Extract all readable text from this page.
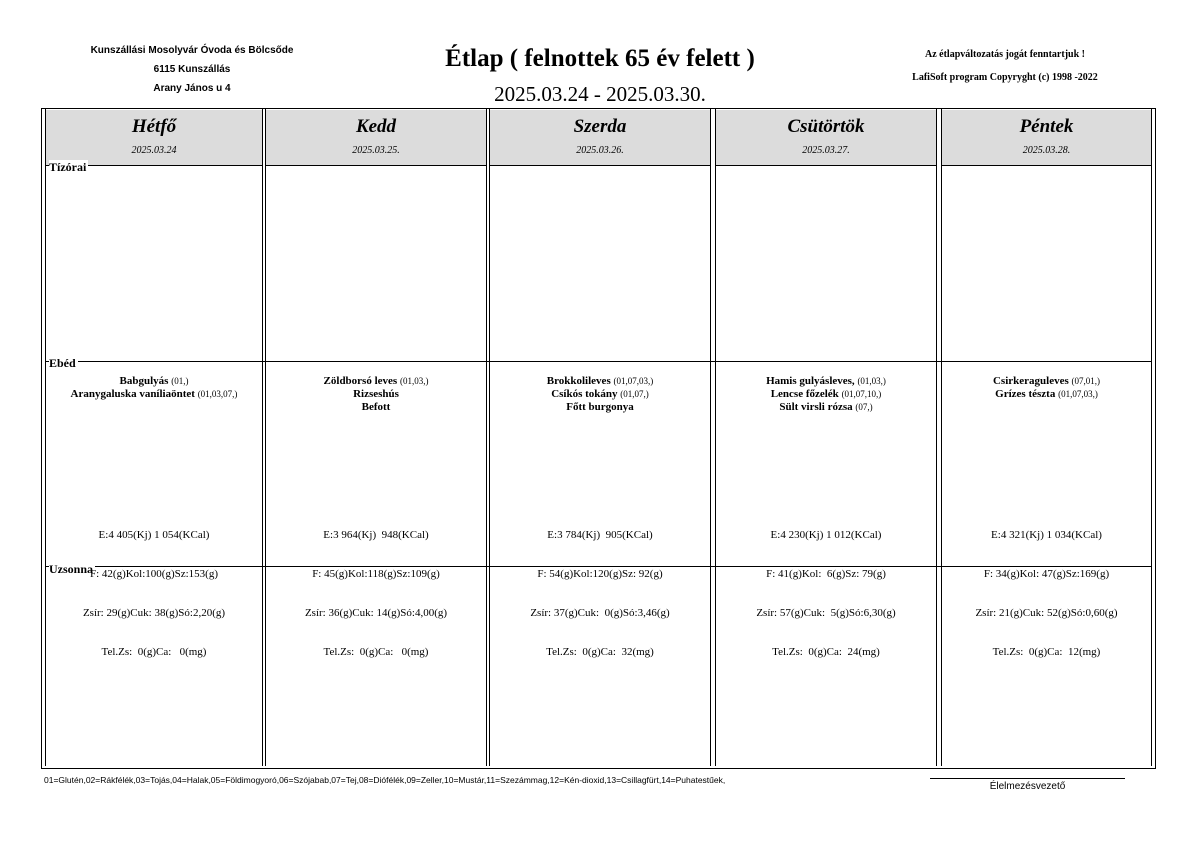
Kunszállási Mosolyvár Óvoda és Bölcsőde
6115 Kunszállás
Arany János u 4
Étlap ( felnottek 65 év felett )
2025.03.24 - 2025.03.30.
Az étlapváltozatás jogát fenntartjuk !
LafiSoft program Copyryght (c) 1998 -2022
Hétfő
2025.03.24
Kedd
2025.03.25.
Szerda
2025.03.26.
Csütörtök
2025.03.27.
Péntek
2025.03.28.
Tízórai
Ebéd
Uzsonna
Babgulyás (01,)
Aranygaluska vaníliaöntet (01,03,07,)
Zöldborsó leves (01,03,)
Rizseshús
Befott
Brokkolileves (01,07,03,)
Csíkós tokány (01,07,)
Főtt burgonya
Hamis gulyásleves, (01,03,)
Lencse főzelék (01,07,10,)
Sült virsli rózsa (07,)
Csirkeraguleves (07,01,)
Grízes tészta (01,07,03,)

E:4 405(Kj) 1 054(KCal)

F: 42(g)Kol:100(g)Sz:153(g)

Zsír: 29(g)Cuk: 38(g)Só:2,20(g)

Tel.Zs:  0(g)Ca:   0(mg)

E:3 964(Kj)  948(KCal)

F: 45(g)Kol:118(g)Sz:109(g)

Zsír: 36(g)Cuk: 14(g)Só:4,00(g)

Tel.Zs:  0(g)Ca:   0(mg)

E:3 784(Kj)  905(KCal)

F: 54(g)Kol:120(g)Sz: 92(g)

Zsír: 37(g)Cuk:  0(g)Só:3,46(g)

Tel.Zs:  0(g)Ca:  32(mg)

E:4 230(Kj) 1 012(KCal)

F: 41(g)Kol:  6(g)Sz: 79(g)

Zsír: 57(g)Cuk:  5(g)Só:6,30(g)

Tel.Zs:  0(g)Ca:  24(mg)

E:4 321(Kj) 1 034(KCal)

F: 34(g)Kol: 47(g)Sz:169(g)

Zsír: 21(g)Cuk: 52(g)Só:0,60(g)

Tel.Zs:  0(g)Ca:  12(mg)

01=Glutén,02=Rákfélék,03=Tojás,04=Halak,05=Földimogyoró,06=Szójabab,07=Tej,08=Diófélék,09=Zeller,10=Mustár,11=Szezámmag,12=Kén-dioxid,13=Csillagfürt,14=Puhatestűek,
Élelmezésvezető
